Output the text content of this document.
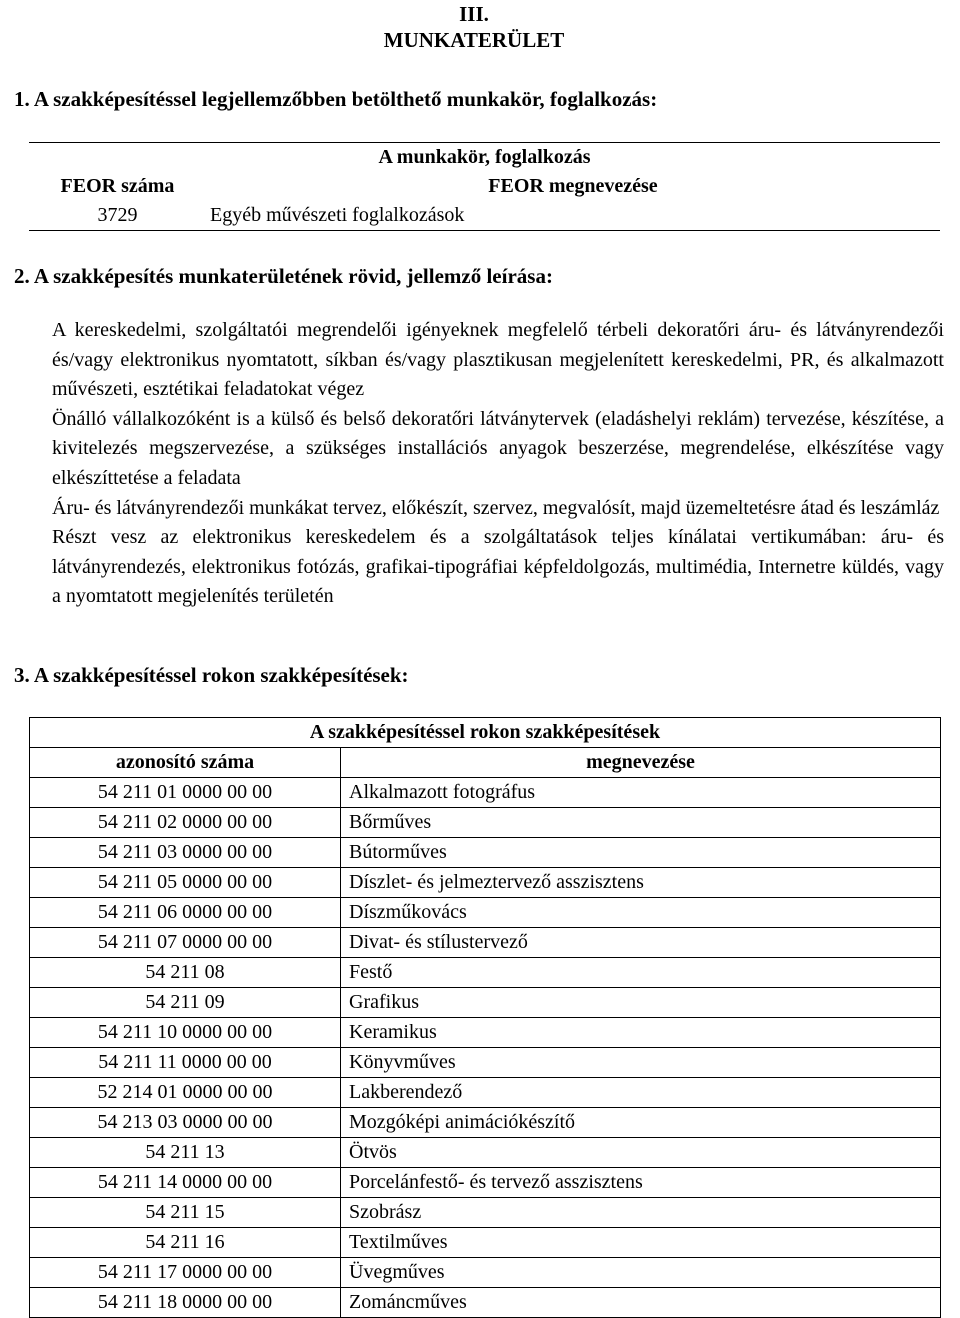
III.
MUNKATERÜLET
1. A szakképesítéssel legjellemzőbben betölthető munkakör, foglalkozás:
A munkakör, foglalkozás	
FEOR száma	FEOR megnevezése
3729	Egyéb művészeti foglalkozások
2. A szakképesítés munkaterületének rövid, jellemző leírása:

A kereskedelmi, szolgáltatói megrendelői igényeknek megfelelő térbeli dekoratőri áru- és látványrendezői és/vagy elektronikus nyomtatott, síkban és/vagy plasztikusan megjelenített kereskedelmi, PR, és alkalmazott művészeti, esztétikai feladatokat végez

Önálló vállalkozóként is a külső és belső dekoratőri látványtervek (eladáshelyi reklám) tervezése, készítése, a kivitelezés megszervezése, a szükséges installációs anyagok beszerzése, megrendelése, elkészítése vagy elkészíttetése a feladata

Áru- és látványrendezői munkákat tervez, előkészít, szervez, megvalósít, majd üzemeltetésre átad és leszámláz

Részt vesz az elektronikus kereskedelem és a szolgáltatások teljes kínálatai vertikumában: áru- és látványrendezés, elektronikus fotózás, grafikai-tipográfiai képfeldolgozás, multimédia, Internetre küldés, vagy a nyomtatott megjelenítés területén

3. A szakképesítéssel rokon szakképesítések:
A szakképesítéssel rokon szakképesítések	
azonosító száma	megnevezése
54 211 01 0000 00 00	Alkalmazott fotográfus
54 211 02 0000 00 00	Bőrműves
54 211 03 0000 00 00	Bútorműves
54 211 05 0000 00 00	Díszlet- és jelmeztervező asszisztens
54 211 06 0000 00 00	Díszműkovács
54 211 07 0000 00 00	Divat- és stílustervező
54 211 08	Festő
54 211 09	Grafikus
54 211 10 0000 00 00	Keramikus
54 211 11 0000 00 00	Könyvműves
52 214 01 0000 00 00	Lakberendező
54 213 03 0000 00 00	Mozgóképi animációkészítő
54 211 13	Ötvös
54 211 14 0000 00 00	Porcelánfestő- és tervező asszisztens
54 211 15	Szobrász
54 211 16	Textilműves
54 211 17 0000 00 00	Üvegműves
54 211 18 0000 00 00	Zománcműves
